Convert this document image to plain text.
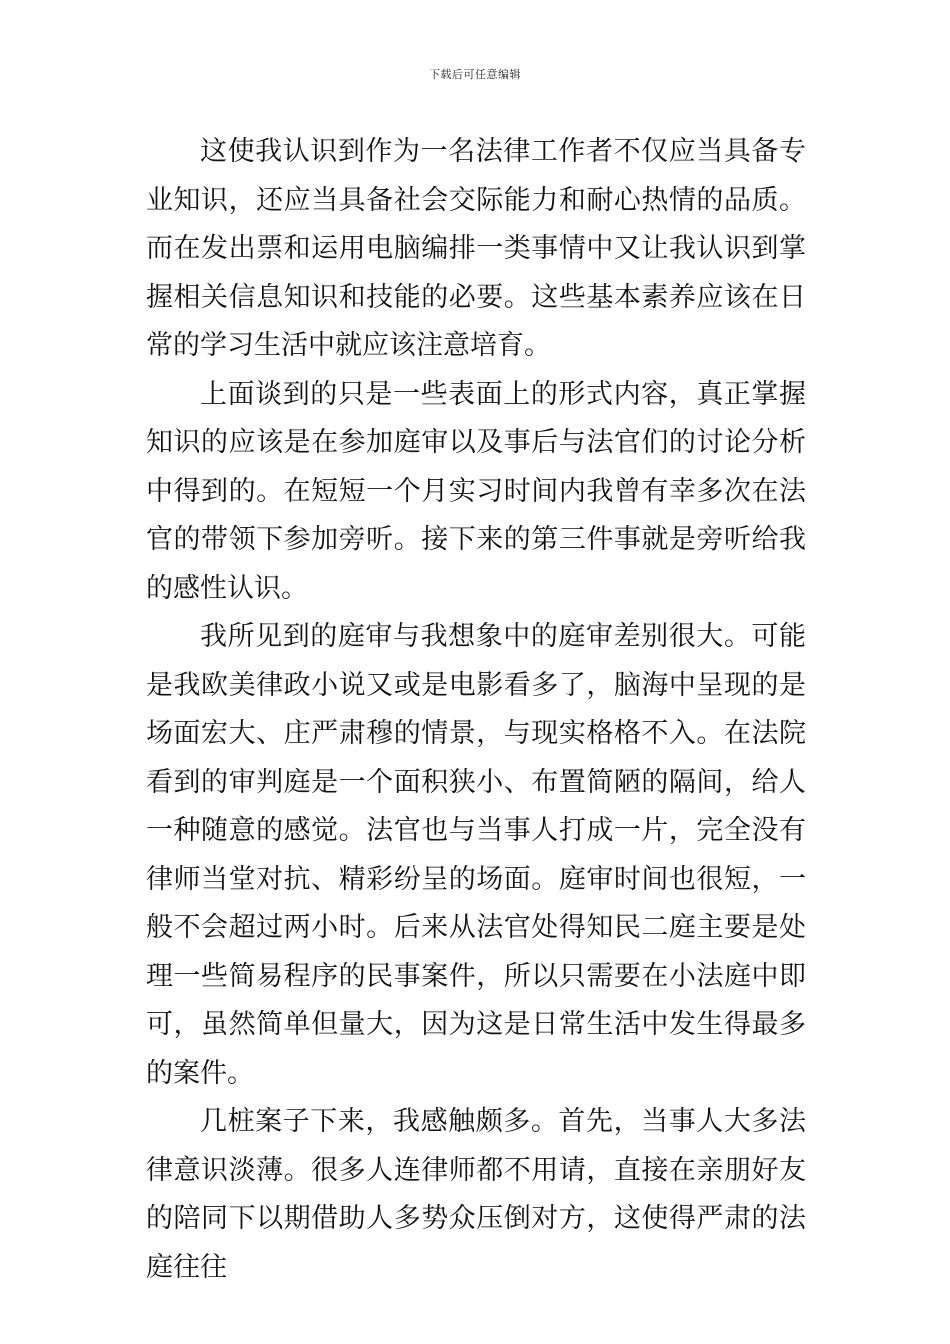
下载后可任意编辑

这使我认识到作为一名法律工作者不仅应当具备专业知识，还应当具备社会交际能力和耐心热情的品质。而在发出票和运用电脑编排一类事情中又让我认识到掌握相关信息知识和技能的必要。这些基本素养应该在日常的学习生活中就应该注意培育。

上面谈到的只是一些表面上的形式内容，真正掌握知识的应该是在参加庭审以及事后与法官们的讨论分析中得到的。在短短一个月实习时间内我曾有幸多次在法官的带领下参加旁听。接下来的第三件事就是旁听给我的感性认识。

我所见到的庭审与我想象中的庭审差别很大。可能是我欧美律政小说又或是电影看多了，脑海中呈现的是场面宏大、庄严肃穆的情景，与现实格格不入。在法院看到的审判庭是一个面积狭小、布置简陋的隔间，给人一种随意的感觉。法官也与当事人打成一片，完全没有律师当堂对抗、精彩纷呈的场面。庭审时间也很短，一般不会超过两小时。后来从法官处得知民二庭主要是处理一些简易程序的民事案件，所以只需要在小法庭中即可，虽然简单但量大，因为这是日常生活中发生得最多的案件。

几桩案子下来，我感触颇多。首先，当事人大多法律意识淡薄。很多人连律师都不用请，直接在亲朋好友的陪同下以期借助人多势众压倒对方，这使得严肃的法庭往往
